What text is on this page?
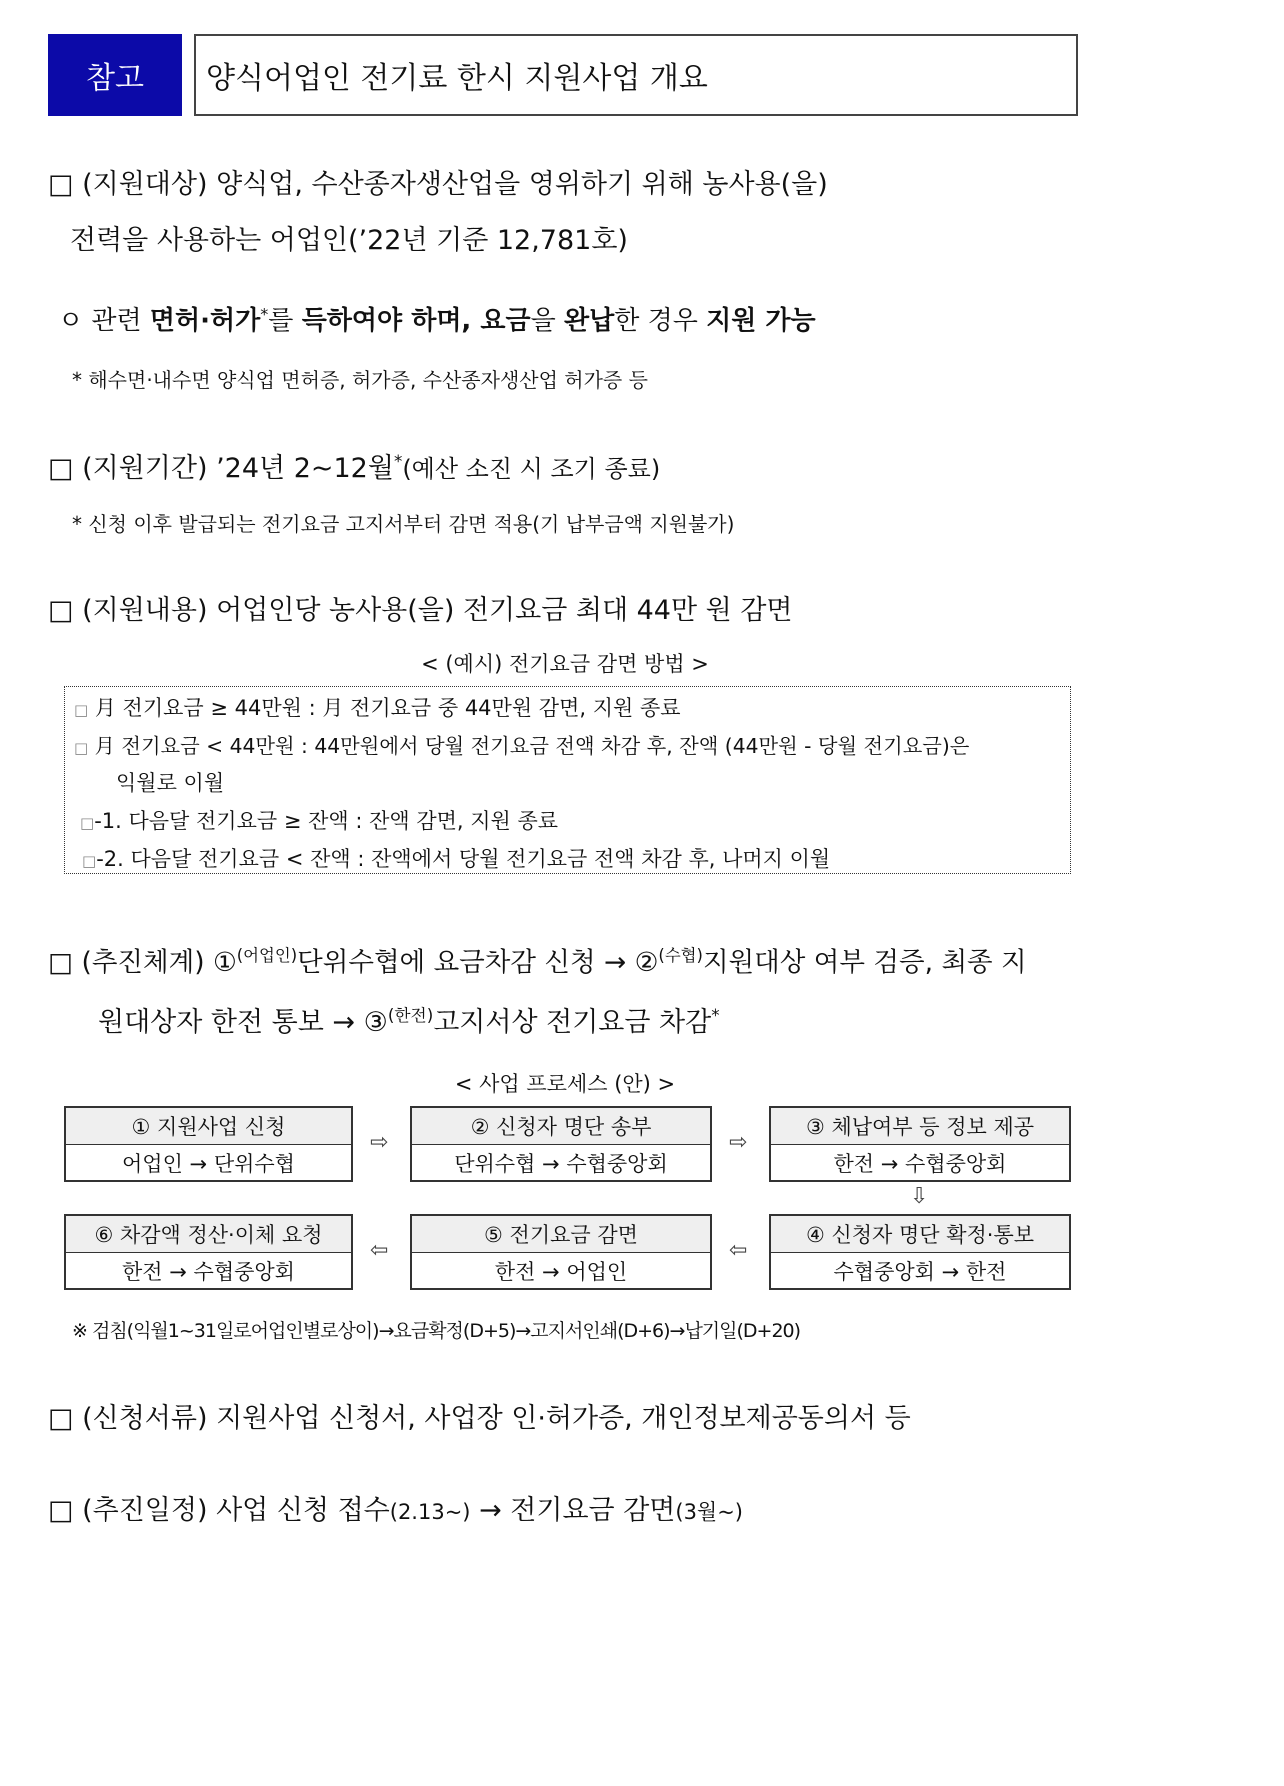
참고 양식어업인 전기료 한시 지원사업 개요
□ (지원대상) 양식업, 수산종자생산업을 영위하기 위해 농사용(을)
전력을 사용하는 어업인(’22년 기준 12,781호)
ㅇ 관련 면허·허가*를 득하여야 하며, 요금을 완납한 경우 지원 가능
* 해수면·내수면 양식업 면허증, 허가증, 수산종자생산업 허가증 등
□ (지원기간) ’24년 2~12월*(예산 소진 시 조기 종료)
* 신청 이후 발급되는 전기요금 고지서부터 감면 적용(기 납부금액 지원불가)
□ (지원내용) 어업인당 농사용(을) 전기요금 최대 44만 원 감면
< (예시) 전기요금 감면 방법 >
□ 月 전기요금 ≥ 44만원 : 月 전기요금 중 44만원 감면, 지원 종료
□ 月 전기요금 < 44만원 : 44만원에서 당월 전기요금 전액 차감 후, 잔액 (44만원 - 당월 전기요금)은
익월로 이월
□-1. 다음달 전기요금 ≥ 잔액 : 잔액 감면, 지원 종료
□-2. 다음달 전기요금 < 잔액 : 잔액에서 당월 전기요금 전액 차감 후, 나머지 이월
□ (추진체계) ①$^{(어업인)}$단위수협에 요금차감 신청 → ②$^{(수협)}$지원대상 여부 검증, 최종 지
원대상자 한전 통보 → ③$^{(한전)}$고지서상 전기요금 차감*
< 사업 프로세스 (안) >
① 지원사업 신청
어업인 → 단위수협
⇨
② 신청자 명단 송부
단위수협 → 수협중앙회
⇨
③ 체납여부 등 정보 제공
한전 → 수협중앙회
⇩
⑥ 차감액 정산·이체 요청
한전 → 수협중앙회
⇦
⑤ 전기요금 감면
한전 → 어업인
⇦
④ 신청자 명단 확정·통보
수협중앙회 → 한전
※ 검침(익월1~31일로어업인별로상이)→요금확정(D+5)→고지서인쇄(D+6)→납기일(D+20)
□ (신청서류) 지원사업 신청서, 사업장 인·허가증, 개인정보제공동의서 등
□ (추진일정) 사업 신청 접수(2.13~) → 전기요금 감면(3월~)
